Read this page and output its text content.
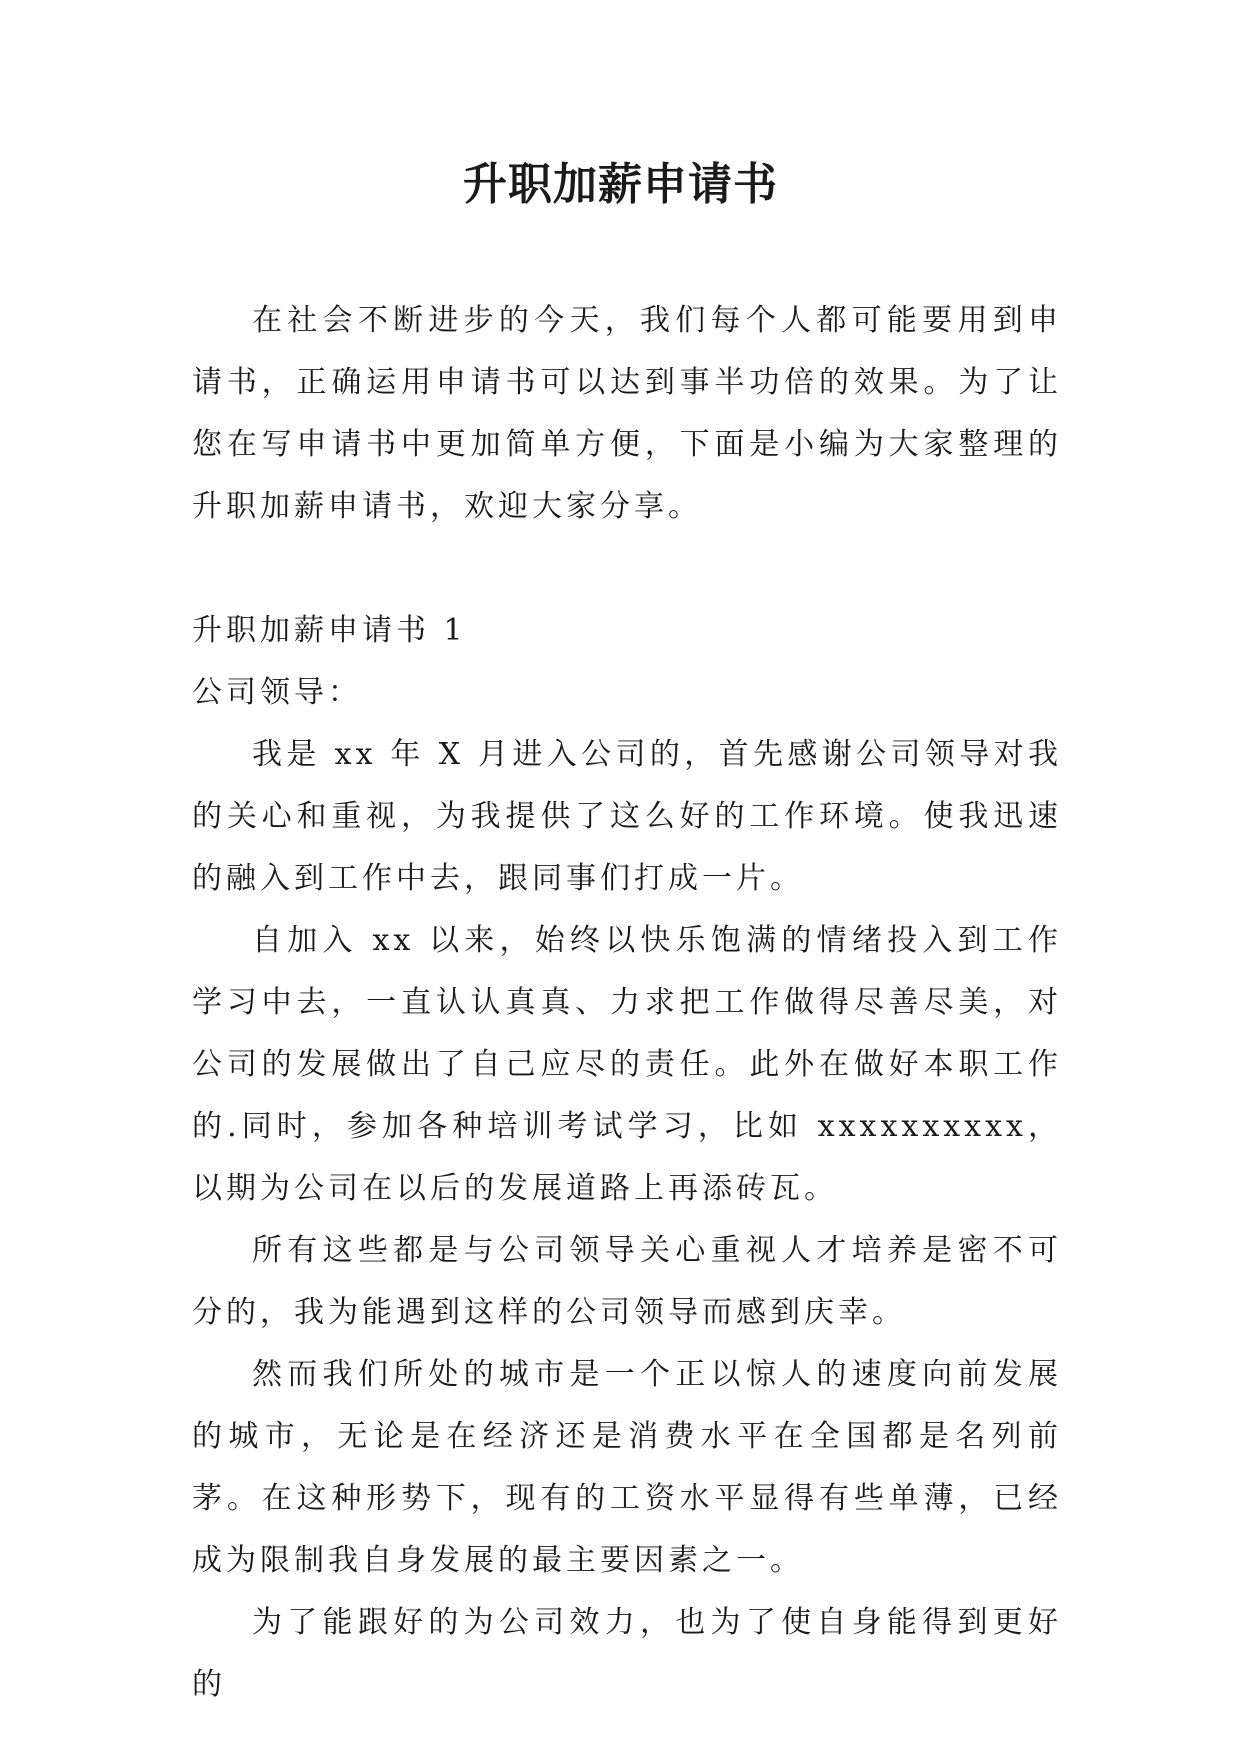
升职加薪申请书

在社会不断进步的今天，我们每个人都可能要用到申请书，正确运用申请书可以达到事半功倍的效果。为了让您在写申请书中更加简单方便，下面是小编为大家整理的升职加薪申请书，欢迎大家分享。

升职加薪申请书 1

公司领导：

我是 xx 年 X 月进入公司的，首先感谢公司领导对我的关心和重视，为我提供了这么好的工作环境。使我迅速的融入到工作中去，跟同事们打成一片。

自加入 xx 以来，始终以快乐饱满的情绪投入到工作学习中去，一直认认真真、力求把工作做得尽善尽美，对公司的发展做出了自己应尽的责任。此外在做好本职工作的.同时，参加各种培训考试学习，比如 xxxxxxxxxx，以期为公司在以后的发展道路上再添砖瓦。

所有这些都是与公司领导关心重视人才培养是密不可分的，我为能遇到这样的公司领导而感到庆幸。

然而我们所处的城市是一个正以惊人的速度向前发展的城市，无论是在经济还是消费水平在全国都是名列前茅。在这种形势下，现有的工资水平显得有些单薄，已经成为限制我自身发展的最主要因素之一。

为了能跟好的为公司效力，也为了使自身能得到更好的
